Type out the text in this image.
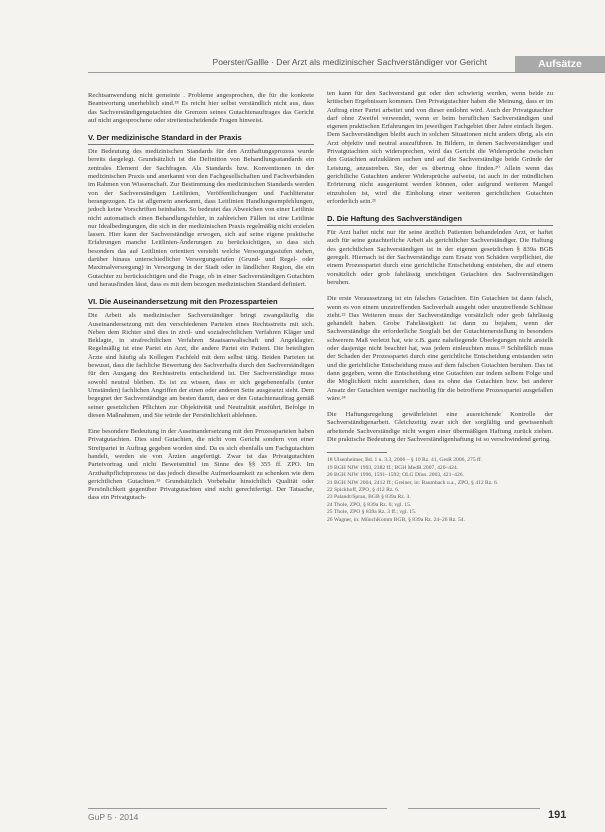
Poerster/Gallle · Der Arzt als medizinischer Sachverständiger vor Gericht	Aufsätze

Rechtsanwendung nicht gemeinte . Probleme angesprochen, die für die konkrete Beantwortung unerheblich sind.¹⁸ Es reicht hier selbst verständlich nicht aus, dass das Sachverständigengutachten die Grenzen seines Gutachtenauftrages das Gericht auf nicht angesprochene oder streitentscheidende Fragen hinweist.

V. Der medizinische Standard in der Praxis

Die Bedeutung des medizinischen Standards für den Arzthaftungsprozess wurde bereits dargelegt. Grundsätzlich ist die Definition von Behandlungsstandards ein zentrales Element der Sachfragen. Als Standards bzw. Konventionen in der medizinischen Praxis und anerkannt von den Fachgesellschaften und Fachverbänden im Rahmen von Wissenschaft. Zur Bestimmung des medizinischen Standards werden von der Sachverständigen Leitlinien, Veröffentlichungen und Fachliteratur herangezogen. Es ist allgemein anerkannt, dass Leitlinien Handlungsempfehlungen, jedoch keine Vorschriften beinhalten. So bedeutet das Abweichen von einer Leitlinie nicht automatisch einen Behandlungsfehler, in zahlreichen Fällen ist eine Leitlinie nur Idealbedingungen, die sich in der medizinischen Praxis regelmäßig nicht erzielen lassen. Hier kann der Sachverständige erwogen, sich auf seine eigene praktische Erfahrungen manche Leitlinien-Änderungen zu berücksichtigen, so dass sich besonders das auf Leitlinien orientiert versteht welche Versorgungsstufen stehen, darüber hinaus unterschiedlicher Versorgungsstufen (Grund- und Regel- oder Maximalversorgung) in Versorgung in der Stadt oder in ländlicher Region, die ein Gutachter zu berücksichtigen und die Frage, ob in einer Sachverständigen Gutachten und herausfinden lässt, dass es mit dem bezogen medizinischen Standard definiert.

VI. Die Auseinandersetzung mit den Prozessparteien

Die Arbeit als medizinischer Sachverständiger bringt zwangsläufig die Auseinandersetzung mit den verschiedenen Parteien eines Rechtsstreits mit sich. Neben dem Richter sind dies in zivil- und sozialrechtlichen Verfahren Kläger und Beklagte, in strafrechtlichen Verfahren Staatsanwaltschaft und Angeklagter. Regelmäßig ist eine Partei ein Arzt, die andere Partei ein Patient. Die beteiligten Ärzte sind häufig als Kollegen Fachfeld mit dem selbst tätig. Beiden Parteien ist bewusst, dass die fachliche Bewertung des Sachverhalts durch den Sachverständigen für den Ausgang des Rechtsstreits entscheidend ist. Der Sachverständige muss sowohl neutral bleiben. Es ist zu wissen, dass er sich gegebenenfalls (unter Umständen) fachlichen Angriffen der einen oder anderen Seite ausgesetzt sieht. Dem begegnet der Sachverständige am besten damit, dass er den Gutachtenauftrag gemäß seiner gesetzlichen Pflichten zur Objektivität und Neutralität ausführt, Befolge in diesen Maßnahmen, und Sie würde der Persönlichkeit ablehnen.

Eine besondere Bedeutung in der Auseinandersetzung mit den Prozessparteien haben Privatgutachten. Dies sind Gutachten, die nicht vom Gericht sondern von einer Streitpartei in Auftrag gegeben worden sind. Da es sich ebenfalls um Fachgutachten handelt, werden sie von Ärzten angefertigt. Zwar ist das Privatgutachten Parteivortrag und nicht Beweismittel im Sinne des §§ 355 ff. ZPO. Im Arzthaftpflichtprozess ist das jedoch dieselbe Aufmerksamkeit zu schenken wie dem gerichtlichen Gutachten.¹⁹ Grundsätzlich Vorbehalte hinsichtlich Qualität oder Persönlichkeit gegenüber Privatgutachten sind nicht gerechtfertigt. Der Tatsache, dass ein Privatgutach-

ten kann für den Sachverstand gut oder den schwierig werden, wenn beide zu kritischen Ergebnissen kommen. Den Privatgutachter haben die Meinung, dass er im Auftrag einer Partei arbeitet und von dieser entlohnt wird. Auch der Privatgutachter darf ohne Zweifel verwendet, wenn er beim beruflichen Sachverständigen und eigenen praktischen Erfahrungen im jeweiligen Fachgebiet über Jahre einfach liegen. Dem Sachverständigen bleibt auch in solchen Situationen nicht anders übrig, als ein Arzt objektiv und neutral auszuführen. In Bildern, in denen Sachverständiger und Privatgutachten sich widersprechen, wird das Gericht die Widersprüche zwischen den Gutachten aufzuklären suchen und auf die Sachverständige beide Gründe der Leistung, anzustreben. Sie, der es übertrug ohne finden.²⁰ Allein wenn das gerichtliche Gutachten anderer Widersprüche aufweist, ist auch in der mündlichen Erörterung nicht ausgeräumt werden können, oder aufgrund weiteren Mangel einzuholen ist, wird die Einholung einer weiteren gerichtlichen Gutachten erforderlich sein.²¹

D. Die Haftung des Sachverständigen

Für Arzt haftet nicht nur für seine ärztlich Patienten behandelnden Arzt, er haftet auch für seine gutachterliche Arbeit als gerichtlicher Sachverständiger. Die Haftung des gerichtlichen Sachverständigen ist in der eigenen gesetzlichen § 839a BGB geregelt. Hiernach ist der Sachverständige zum Ersatz von Schäden verpflichtet, die einem Prozesspartei durch eine gerichtliche Entscheidung entstehen, die auf einem vorsätzlich oder grob fahrlässig unrichtigen Gutachten des Sachverständigen beruhen.

Die erste Voraussetzung ist ein falsches Gutachten. Ein Gutachten ist dann falsch, wenn es von einem unzutreffenden Sachverhalt ausgeht oder unzutreffende Schlüsse zieht.²² Das Weiteren muss der Sachverständige vorsätzlich oder grob fahrlässig gehandelt haben. Grobe Fahrlässigkeit ist dann zu bejahen, wenn der Sachverständige die erforderliche Sorgfalt bei der Gutachtenerstellung in besonders schwerem Maß verletzt hat, wie z.B. ganz naheliegende Überlegungen nicht anstellt oder dasjenige nicht beachtet hat, was jedem einleuchten muss.²³ Schließlich muss der Schaden der Prozesspartei durch eine gerichtliche Entscheidung entstanden sein und die gerichtliche Entscheidung muss auf dem falschen Gutachten beruhen. Das ist dann gegeben, wenn die Entscheidung eine Gutachten zur indem selbem Folge und die Möglichkeit nicht ausreichen, dass es ohne das Gutachten bzw. bei anderer Ansatz der Gutachten weniger nachteilig für die betroffene Prozesspartei ausgefallen wäre.²⁴

Die Haftungsregelung gewährleistet eine ausreichende Kontrolle der Sachverständigenarbeit. Gleichzeitig zwar sich der sorgfältig und gewissenhaft arbeitende Sachverständige nicht wegen einer übermäßigen Haftung zurück ziehen. Die praktische Bedeutung der Sachverständigenhaftung ist so verschwindend gering.

18 Ulsenheimer, Bd. 1 u. 3.3, 2006 – § 10 Rz. 41, GesR 2006, 275 ff.
19 BGH NJW 1993, 2382 ff.; BGH MedR 2007, 420–424.
20 BGH NJW 1996, 1591–1592; OLG Düss. 2003, 421–426.
21 BGH NJW 2004, 2412 ff.; Greiner, in: Baumbach u.a., ZPO, § 412 Rz. 6.
22 Spickhoff, ZPO, § 412 Rz. 6.
23 Palandt/Sprau, BGB § 839a Rz. 3.
24 Thole, ZPO, § 839a Rz. 6; vgl. 15.
25 Thole, ZPO § 839a Rz. 3 ff.; vgl. 15.
26 Wagner, in: MünchKomm BGB, § 839a Rz. 24–26 Rz. 54.
GuP 5 · 2014	191
